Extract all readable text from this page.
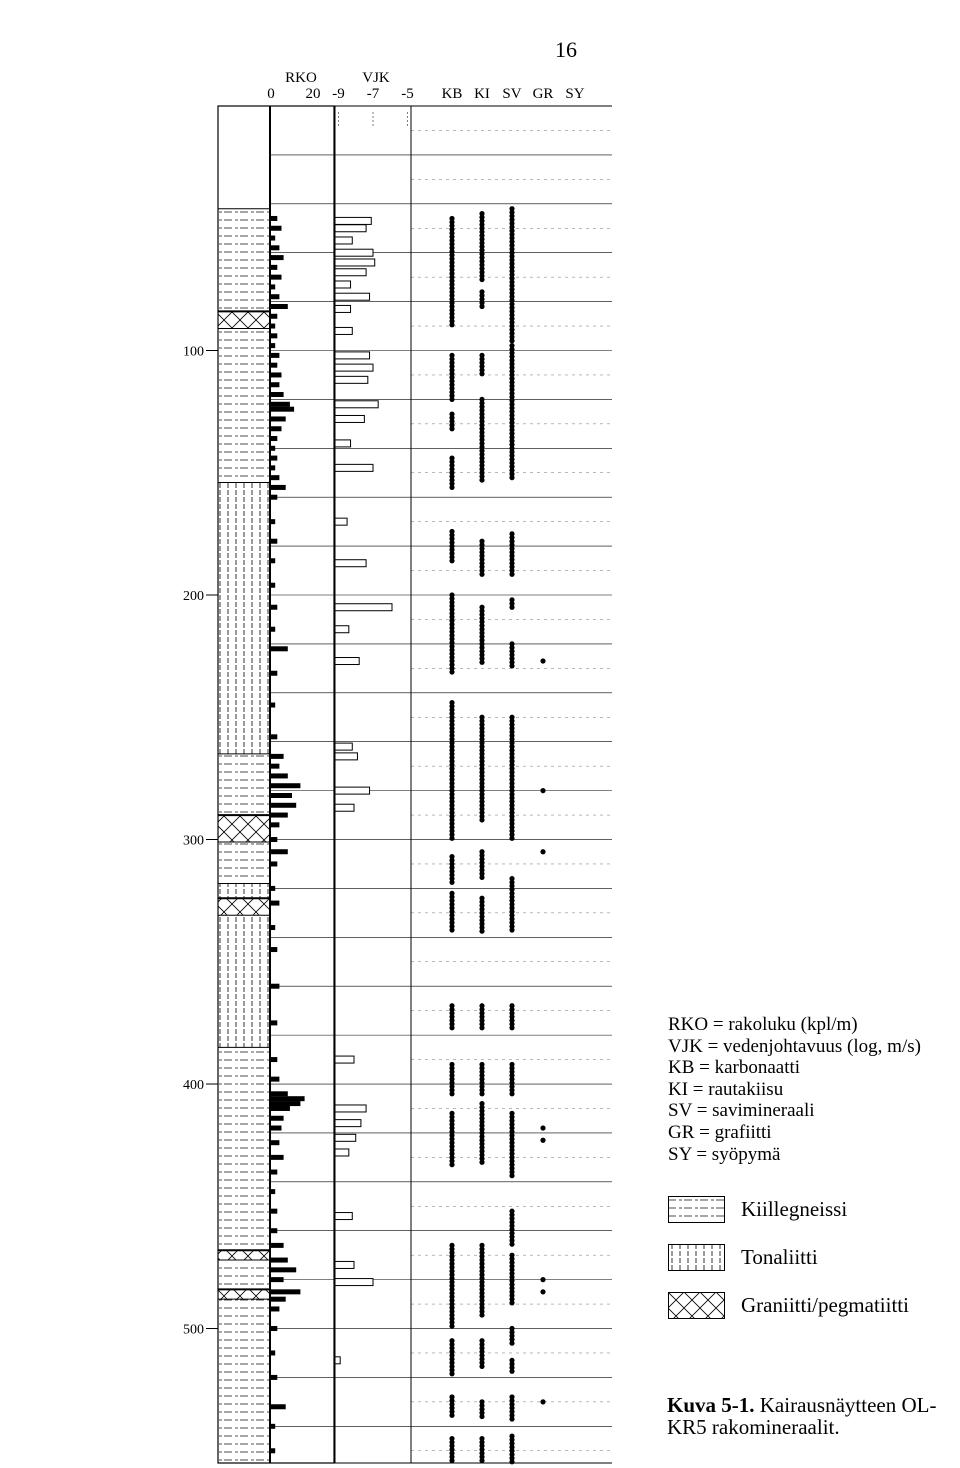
0 20 -9 -7 -5
100
200
300
400
500
RKO	VJK
KB KI SV GR SY
16
RKO = rakoluku (kpl/m)
VJK = vedenjohtavuus (log, m/s)
KB = karbonaatti
KI = rautakiisu
SV = savimineraali
GR = grafiitti
SY = syöpymä
Kiillegneissi
Tonaliitti
Graniitti/pegmatiitti
Kuva 5-1. Kairausnäytteen OL-KR5 rakomineraalit.
